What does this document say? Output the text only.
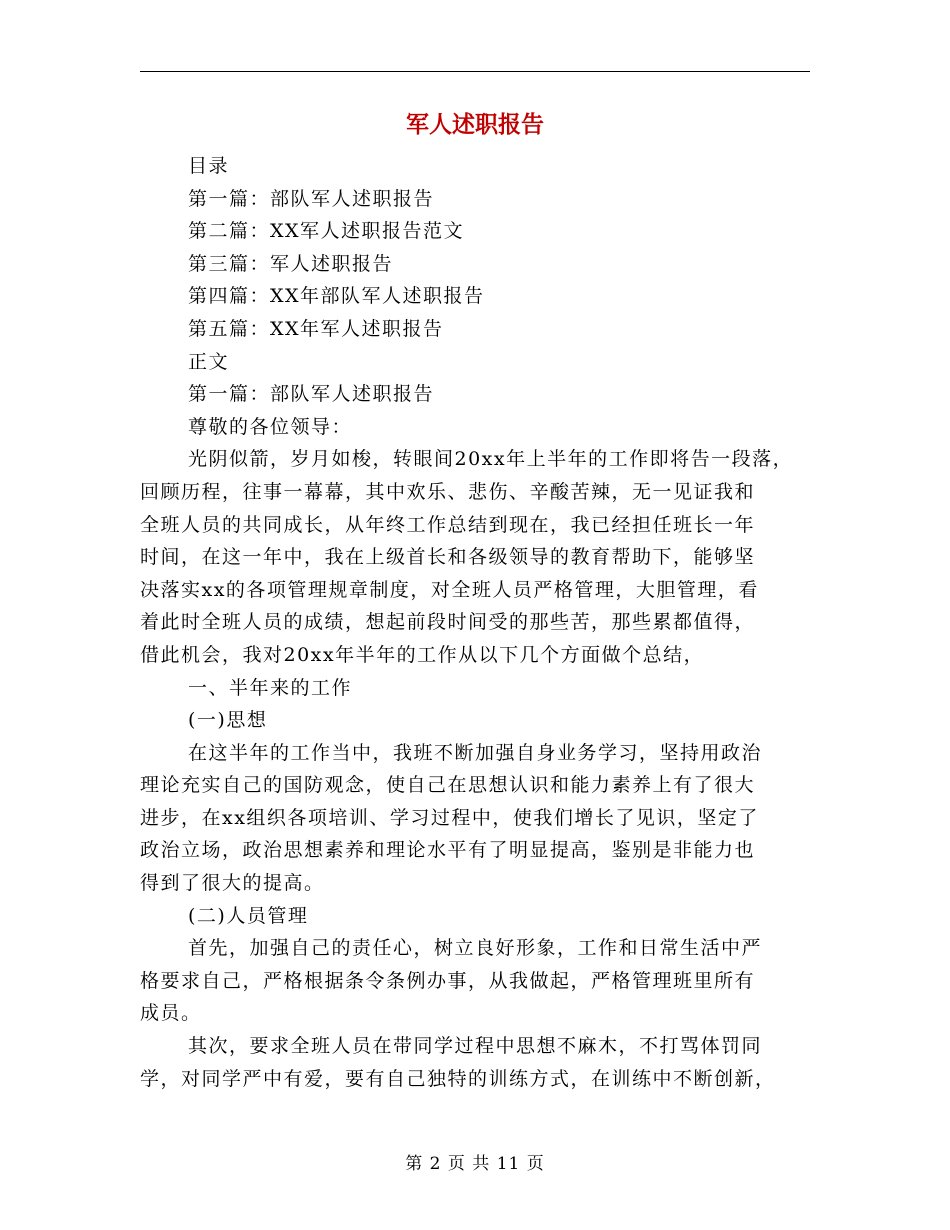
军人述职报告
目录
第一篇：部队军人述职报告
第二篇：XX军人述职报告范文
第三篇：军人述职报告
第四篇：XX年部队军人述职报告
第五篇：XX年军人述职报告
正文
第一篇：部队军人述职报告
尊敬的各位领导：
光阴似箭，岁月如梭，转眼间20xx年上半年的工作即将告一段落，
回顾历程，往事一幕幕，其中欢乐、悲伤、辛酸苦辣，无一见证我和
全班人员的共同成长，从年终工作总结到现在，我已经担任班长一年
时间，在这一年中，我在上级首长和各级领导的教育帮助下，能够坚
决落实xx的各项管理规章制度，对全班人员严格管理，大胆管理，看
着此时全班人员的成绩，想起前段时间受的那些苦，那些累都值得，
借此机会，我对20xx年半年的工作从以下几个方面做个总结，
一、半年来的工作
(一)思想
在这半年的工作当中，我班不断加强自身业务学习，坚持用政治
理论充实自己的国防观念，使自己在思想认识和能力素养上有了很大
进步，在xx组织各项培训、学习过程中，使我们增长了见识，坚定了
政治立场，政治思想素养和理论水平有了明显提高，鉴别是非能力也
得到了很大的提高。
(二)人员管理
首先，加强自己的责任心，树立良好形象，工作和日常生活中严
格要求自己，严格根据条令条例办事，从我做起，严格管理班里所有
成员。
其次，要求全班人员在带同学过程中思想不麻木，不打骂体罚同
学，对同学严中有爱，要有自己独特的训练方式，在训练中不断创新，
第 2 页 共 11 页
